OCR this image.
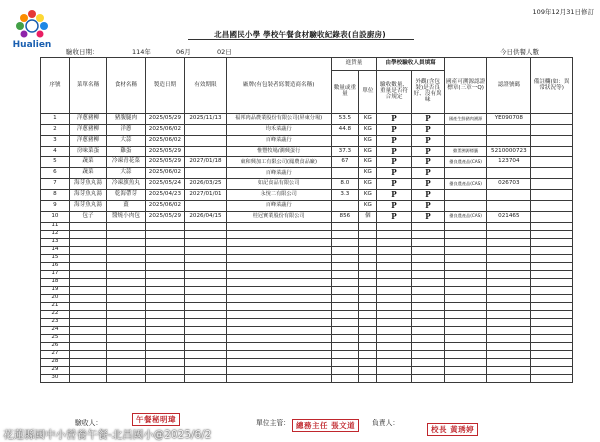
Hualien
109年12月31日修訂
北昌國民小學 學校午餐食材驗收紀錄表(自設廚房)
驗收日期：	114年	06月	02日	今日供餐人數
序號	菜單名稱	食材名稱	製造日期	有效期限	廠牌(有包裝者寫製造商名稱)	進貨量		由學校驗收人員填寫		國產可溯源認證標章(三章一Q)	認證號碼	備註欄(如：異常狀況等)
						數量或重量	單位	驗收數量、重量是否符合規定	外觀(含包裝)是否良好、沒有異味			
1	洋蔥豬柳	豬腹腿肉	2025/05/29	2025/11/13	福邦肉品農業股份有限公司(屏東分場)	53.5	KG	P	P	國產生鮮豬肉溯源	YE090708	
2	洋蔥豬柳	洋蔥	2025/06/02		均禾菜蔬行	44.8	KG	P	P			
3	洋蔥豬柳	大蒜	2025/06/02		百峰菜蔬行		KG	P	P			
4	房味菜蛋	雞蛋	2025/05/29		惟豐牧場/潤興蛋行	37.3	KG	P	P	雞蛋溯源標籤	5210000723	
5	蔬菜	冷凍青花菜	2025/05/29	2027/01/18	東和興加工有限公司(鳳農食品廠)	67	KG	P	P	優良農產品(CAS)	123704	
6	蔬菜	大蒜	2025/06/02		百峰菜蔬行		KG	P	P			
7	海芽魚丸湯	冷凍旗魚丸	2025/05/24	2026/03/25	如記食品有限公司	8.0	KG	P	P	優良農產品(CAS)	026703	
8	海芽魚丸湯	乾海帶芽	2025/04/23	2027/01/01	永悅二有限公司	3.3	KG	P	P			
9	海芽魚丸湯	薑	2025/06/02		百峰菜蔬行		KG	P	P			
10	包子	醬燒小肉包	2025/05/29	2026/04/15	桂冠實業股份有限公司	856	個	P	P	優良農產品(CAS)	021465	
11												
12												
13												
14												
15												
16												
17												
18												
19												
20												
21												
22												
23												
24												
25												
26												
27												
28												
29												
30												
驗收人：	午餐秘明瑋	單位主管： 總務主任 張文道	負責人：
校長 黃琇婷
花蓮縣國中小營養午餐-北昌國小@2025/6/2
